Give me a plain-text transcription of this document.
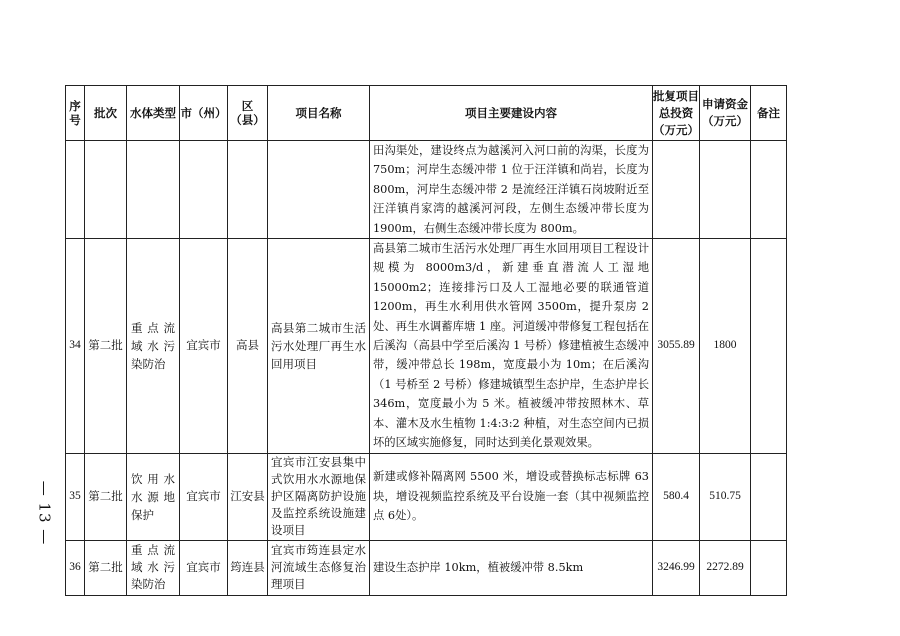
— 13 —
序号	批次	水体类型	市（州）	区（县）	项目名称	项目主要建设内容	批复项目总投资（万元）	申请资金（万元）	备注
						田沟渠处，建设终点为越溪河入河口前的沟渠，长度为750m；河岸生态缓冲带 1 位于汪洋镇和尚岩，长度为800m，河岸生态缓冲带 2 是流经汪洋镇石岗坡附近至汪洋镇肖家湾的越溪河河段，左侧生态缓冲带长度为1900m，右侧生态缓冲带长度为 800m。			
34	第二批	重点流域水污染防治	宜宾市	高县	高县第二城市生活污水处理厂再生水回用项目	高县第二城市生活污水处理厂再生水回用项目工程设计规模为 8000m3/d，新建垂直潜流人工湿地 15000m2；连接排污口及人工湿地必要的联通管道 1200m，再生水利用供水管网 3500m，提升泵房 2 处、再生水调蓄库塘 1 座。河道缓冲带修复工程包括在后溪沟（高县中学至后溪沟 1 号桥）修建植被生态缓冲带，缓冲带总长 198m，宽度最小为 10m；在后溪沟（1 号桥至 2 号桥）修建城镇型生态护岸，生态护岸长 346m，宽度最小为 5 米。植被缓冲带按照林木、草本、灌木及水生植物 1:4:3:2 种植，对生态空间内已损坏的区域实施修复，同时达到美化景观效果。	3055.89	1800	
35	第二批	饮用水水源地保护	宜宾市	江安县	宜宾市江安县集中式饮用水水源地保护区隔离防护设施及监控系统设施建设项目	新建或修补隔离网 5500 米，增设或替换标志标牌 63 块，增设视频监控系统及平台设施一套（其中视频监控点 6处）。	580.4	510.75	
36	第二批	重点流域水污染防治	宜宾市	筠连县	宜宾市筠连县定水河流域生态修复治理项目	建设生态护岸 10km，植被缓冲带 8.5km	3246.99	2272.89	
